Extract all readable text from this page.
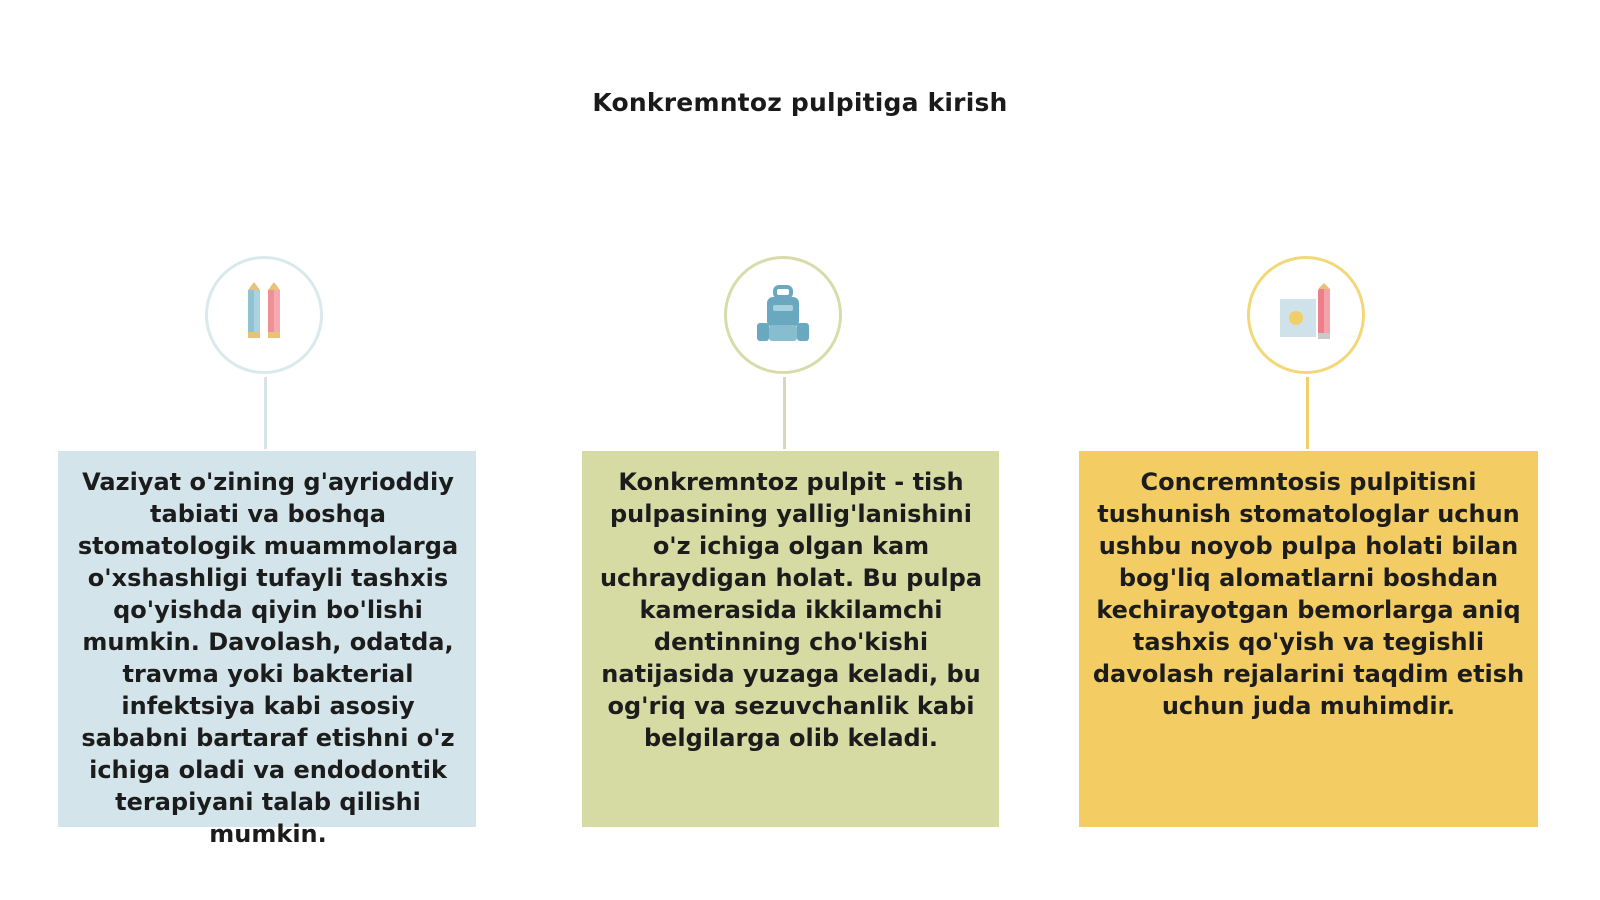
Konkremntoz pulpitiga kirish
Vaziyat o'zining g'ayrioddiy tabiati va boshqa stomatologik muammolarga o'xshashligi tufayli tashxis qo'yishda qiyin bo'lishi mumkin. Davolash, odatda, travma yoki bakterial infektsiya kabi asosiy sababni bartaraf etishni o'z ichiga oladi va endodontik terapiyani talab qilishi mumkin.
Konkremntoz pulpit - tish pulpasining yallig'lanishini o'z ichiga olgan kam uchraydigan holat. Bu pulpa kamerasida ikkilamchi dentinning cho'kishi natijasida yuzaga keladi, bu og'riq va sezuvchanlik kabi belgilarga olib keladi.
Concremntosis pulpitisni tushunish stomatologlar uchun ushbu noyob pulpa holati bilan bog'liq alomatlarni boshdan kechirayotgan bemorlarga aniq tashxis qo'yish va tegishli davolash rejalarini taqdim etish uchun juda muhimdir.
